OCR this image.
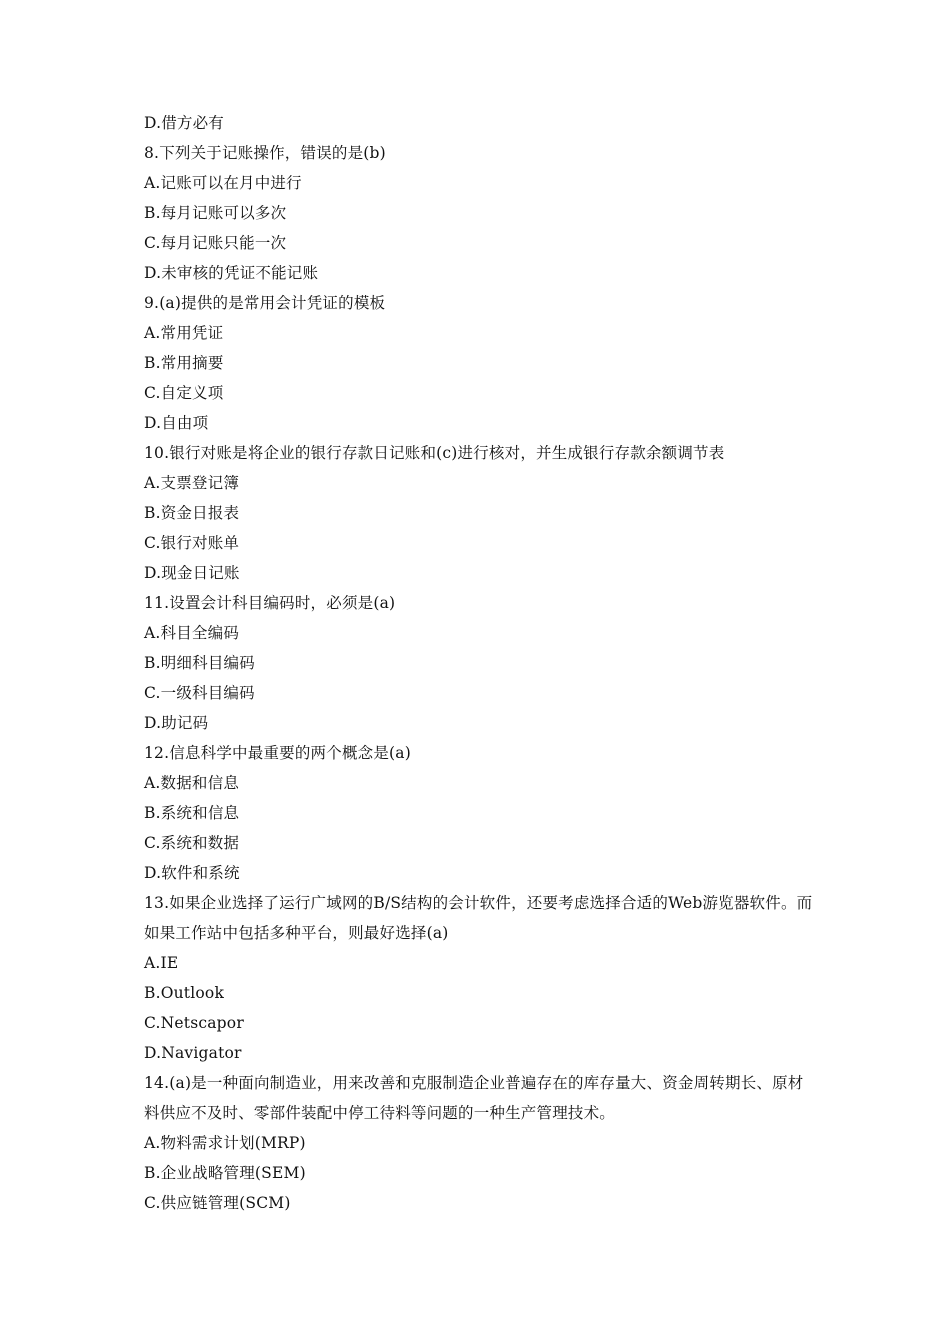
D.借方必有
8.下列关于记账操作，错误的是(b)
A.记账可以在月中进行
B.每月记账可以多次
C.每月记账只能一次
D.未审核的凭证不能记账
9.(a)提供的是常用会计凭证的模板
A.常用凭证
B.常用摘要
C.自定义项
D.自由项
10.银行对账是将企业的银行存款日记账和(c)进行核对，并生成银行存款余额调节表
A.支票登记簿
B.资金日报表
C.银行对账单
D.现金日记账
11.设置会计科目编码时，必须是(a)
A.科目全编码
B.明细科目编码
C.一级科目编码
D.助记码
12.信息科学中最重要的两个概念是(a)
A.数据和信息
B.系统和信息
C.系统和数据
D.软件和系统
13.如果企业选择了运行广域网的B/S结构的会计软件，还要考虑选择合适的Web游览器软件。而如果工作站中包括多种平台，则最好选择(a)
A.IE
B.Outlook
C.Netscapor
D.Navigator
14.(a)是一种面向制造业，用来改善和克服制造企业普遍存在的库存量大、资金周转期长、原材料供应不及时、零部件装配中停工待料等问题的一种生产管理技术。
A.物料需求计划(MRP)
B.企业战略管理(SEM)
C.供应链管理(SCM)
